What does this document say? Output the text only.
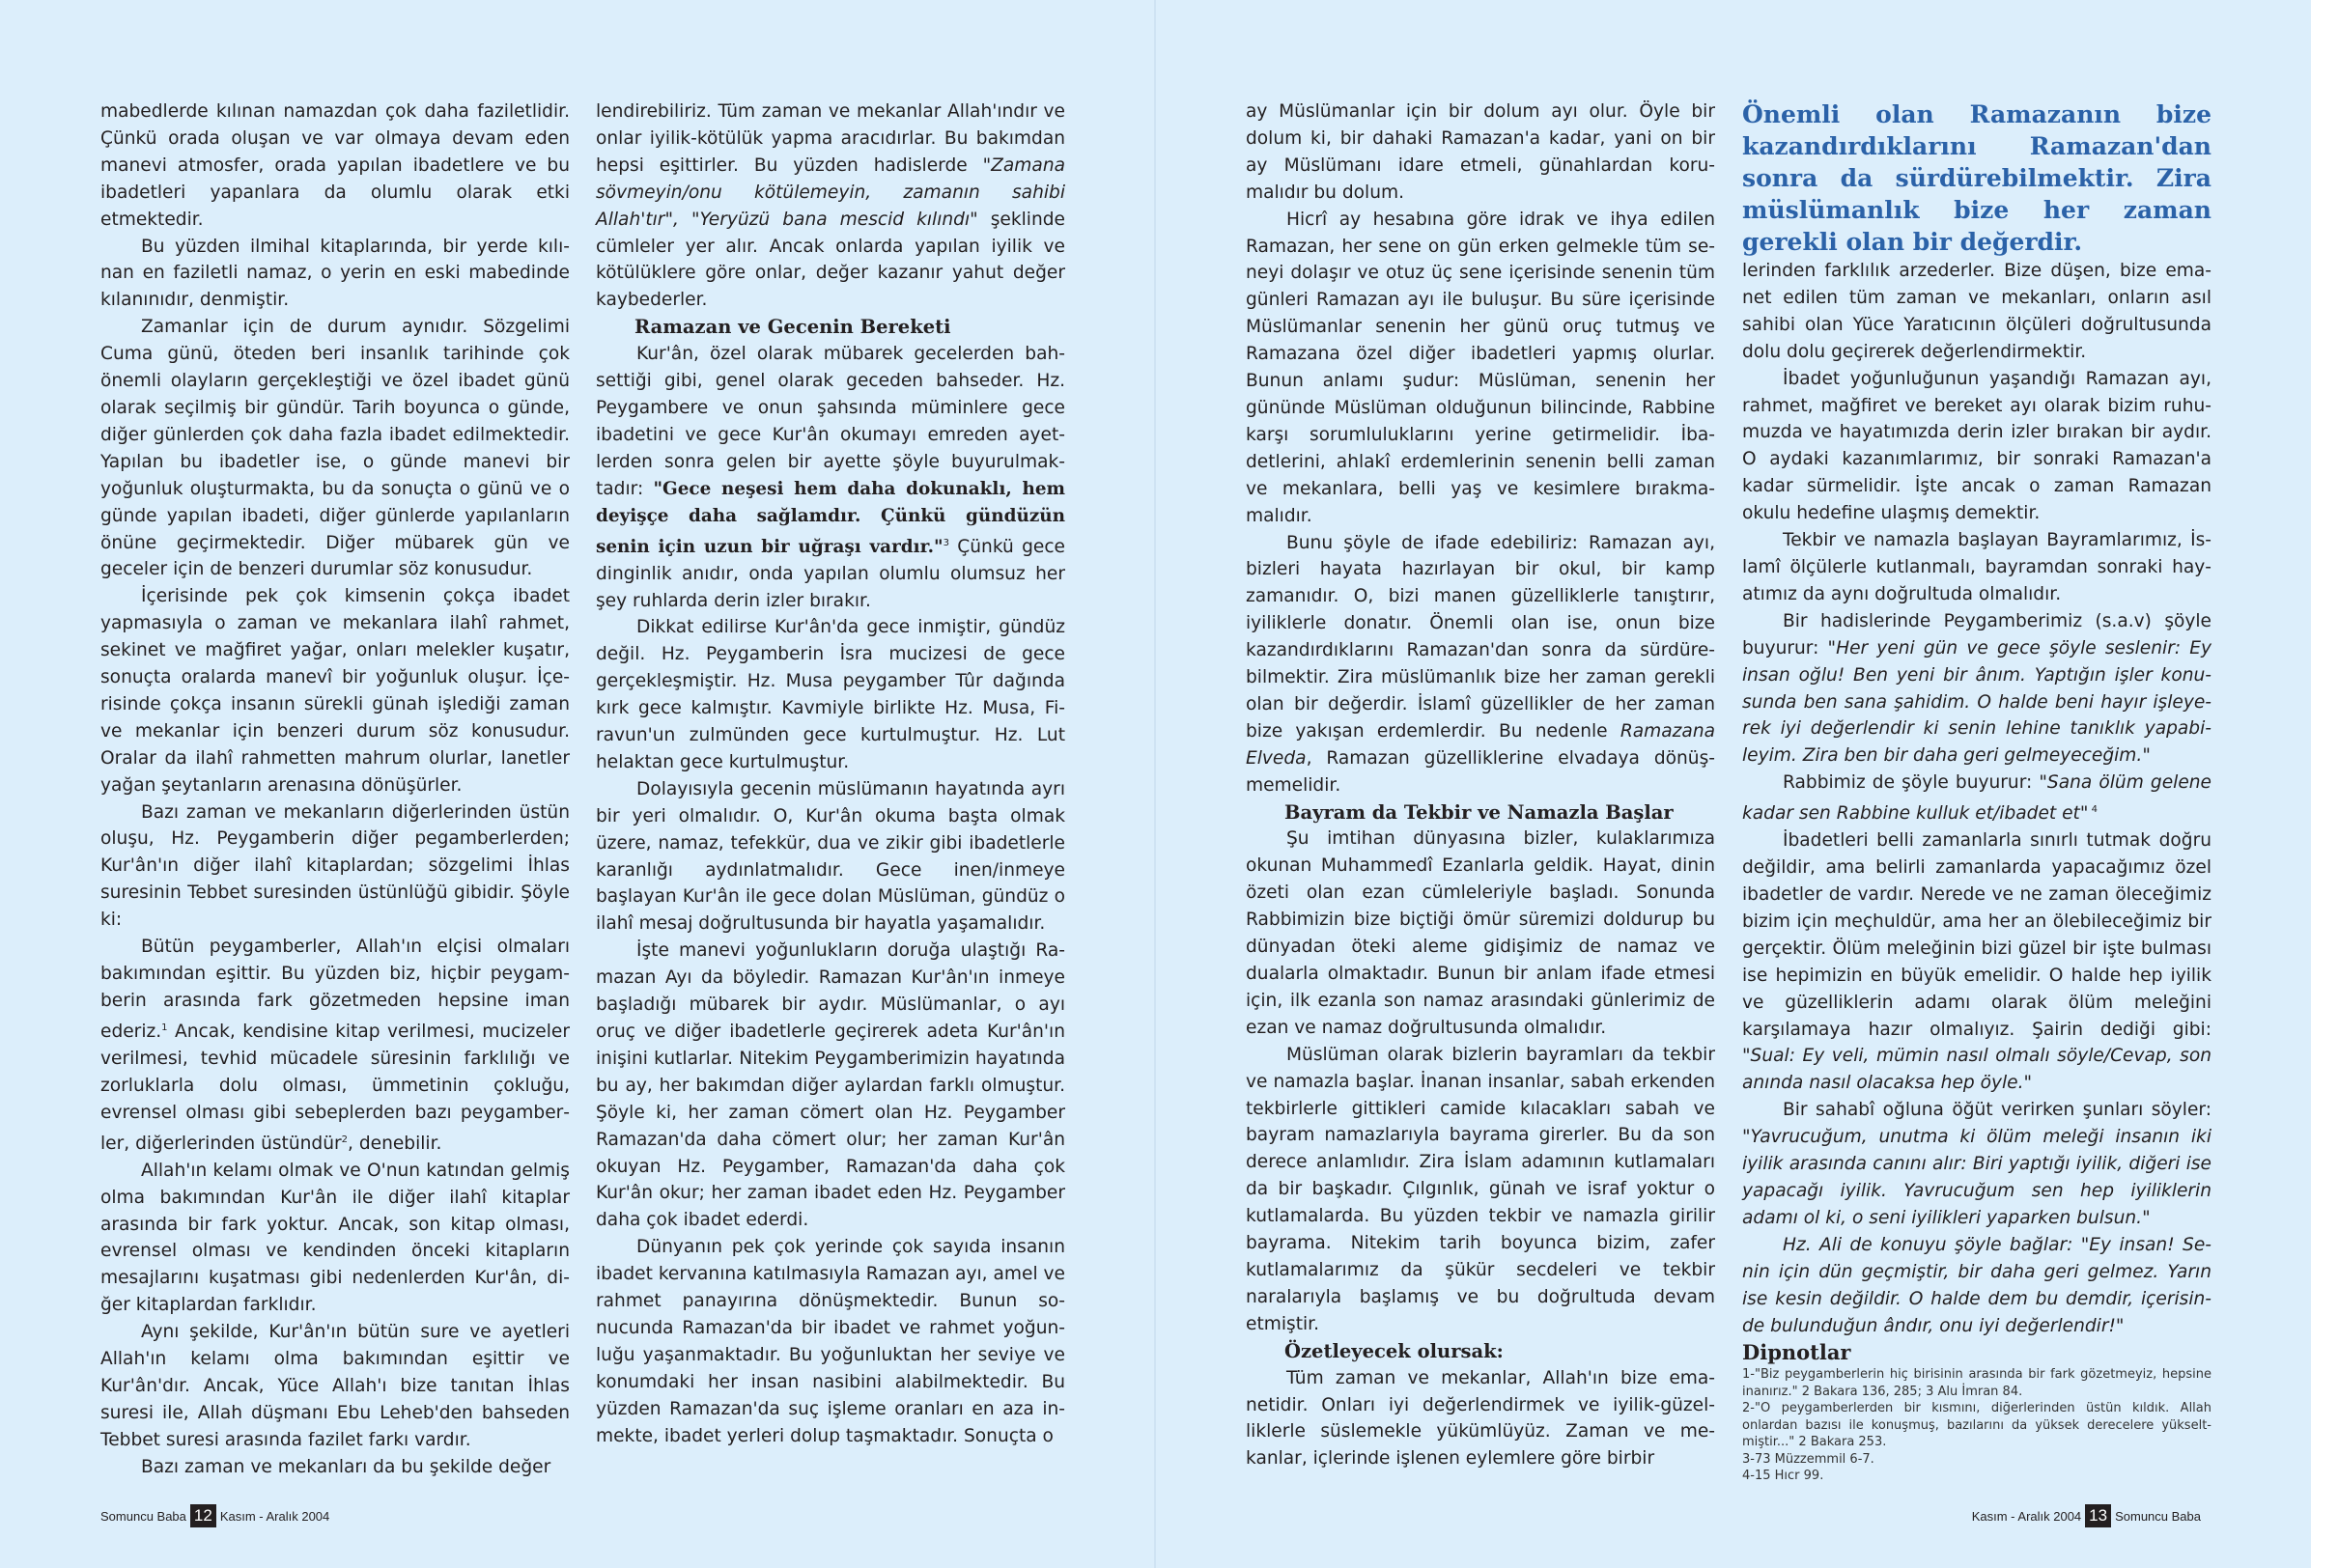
mabedlerde kılınan namazdan çok daha faziletlidir. Çünkü orada oluşan ve var olmaya devam eden manevi atmosfer, orada yapılan ibadetlere ve bu ibadetleri yapanlara da olumlu olarak etki etmektedir.

Bu yüzden ilmihal kitaplarında, bir yerde kılınan en faziletli namaz, o yerin en eski mabedinde kılanınıdır, denmiştir.

Zamanlar için de durum aynıdır. Sözgelimi Cuma günü, öteden beri insanlık tarihinde çok önemli olayların gerçekleştiği ve özel ibadet günü olarak seçilmiş bir gündür. Tarih boyunca o günde, diğer günlerden çok daha fazla ibadet edilmektedir. Yapılan bu ibadetler ise, o günde manevi bir yoğunluk oluşturmakta, bu da sonuçta o günü ve o günde yapılan ibadeti, diğer günlerde yapılanların önüne geçirmektedir. Diğer mübarek gün ve geceler için de benzeri durumlar söz konusudur.

İçerisinde pek çok kimsenin çokça ibadet yapmasıyla o zaman ve mekanlara ilahî rahmet, sekinet ve mağfiret yağar, onları melekler kuşatır, sonuçta oralarda manevî bir yoğunluk oluşur. İçerisinde çokça insanın sürekli günah işlediği zaman ve mekanlar için benzeri durum söz konusudur. Oralar da ilahî rahmetten mahrum olurlar, lanetler yağan şeytanların arenasına dönüşürler.

Bazı zaman ve mekanların diğerlerinden üstün oluşu, Hz. Peygamberin diğer pegamberlerden; Kur'ân'ın diğer ilahî kitaplardan; sözgelimi İhlas suresinin Tebbet suresinden üstünlüğü gibidir. Şöyle ki:

Bütün peygamberler, Allah'ın elçisi olmaları bakımından eşittir. Bu yüzden biz, hiçbir peygamberin arasında fark gözetmeden hepsine iman ederiz.$^1$ Ancak, kendisine kitap verilmesi, mucizeler verilmesi, tevhid mücadele süresinin farklılığı ve zorluklarla dolu olması, ümmetinin çokluğu, evrensel olması gibi sebeplerden bazı peygamberler, diğerlerinden üstündür$^2$, denebilir.

Allah'ın kelamı olmak ve O'nun katından gelmiş olma bakımından Kur'ân ile diğer ilahî kitaplar arasında bir fark yoktur. Ancak, son kitap olması, evrensel olması ve kendinden önceki kitapların mesajlarını kuşatması gibi nedenlerden Kur'ân, diğer kitaplardan farklıdır.

Aynı şekilde, Kur'ân'ın bütün sure ve ayetleri Allah'ın kelamı olma bakımından eşittir ve Kur'ân'dır. Ancak, Yüce Allah'ı bize tanıtan İhlas suresi ile, Allah düşmanı Ebu Leheb'den bahseden Tebbet suresi arasında fazilet farkı vardır.

Bazı zaman ve mekanları da bu şekilde değer

lendirebiliriz. Tüm zaman ve mekanlar Allah'ındır ve onlar iyilik-kötülük yapma aracıdırlar. Bu bakımdan hepsi eşittirler. Bu yüzden hadislerde "Zamana sövmeyin/onu kötülemeyin, zamanın sahibi Allah'tır", "Yeryüzü bana mescid kılındı" şeklinde cümleler yer alır. Ancak onlarda yapılan iyilik ve kötülüklere göre onlar, değer kazanır yahut değer kaybederler.

Ramazan ve Gecenin Bereketi

Kur'ân, özel olarak mübarek gecelerden bahsettiği gibi, genel olarak geceden bahseder. Hz. Peygambere ve onun şahsında müminlere gece ibadetini ve gece Kur'ân okumayı emreden ayetlerden sonra gelen bir ayette şöyle buyurulmaktadır: "Gece neşesi hem daha dokunaklı, hem deyişçe daha sağlamdır. Çünkü gündüzün senin için uzun bir uğraşı vardır."$^3$ Çünkü gece dinginlik anıdır, onda yapılan olumlu olumsuz her şey ruhlarda derin izler bırakır.

Dikkat edilirse Kur'ân'da gece inmiştir, gündüz değil. Hz. Peygamberin İsra mucizesi de gece gerçekleşmiştir. Hz. Musa peygamber Tûr dağında kırk gece kalmıştır. Kavmiyle birlikte Hz. Musa, Firavun'un zulmünden gece kurtulmuştur. Hz. Lut helaktan gece kurtulmuştur.

Dolayısıyla gecenin müslümanın hayatında ayrı bir yeri olmalıdır. O, Kur'ân okuma başta olmak üzere, namaz, tefekkür, dua ve zikir gibi ibadetlerle karanlığı aydınlatmalıdır. Gece inen/inmeye başlayan Kur'ân ile gece dolan Müslüman, gündüz o ilahî mesaj doğrultusunda bir hayatla yaşamalıdır.

İşte manevi yoğunlukların doruğa ulaştığı Ramazan Ayı da böyledir. Ramazan Kur'ân'ın inmeye başladığı mübarek bir aydır. Müslümanlar, o ayı oruç ve diğer ibadetlerle geçirerek adeta Kur'ân'ın inişini kutlarlar. Nitekim Peygamberimizin hayatında bu ay, her bakımdan diğer aylardan farklı olmuştur. Şöyle ki, her zaman cömert olan Hz. Peygamber Ramazan'da daha cömert olur; her zaman Kur'ân okuyan Hz. Peygamber, Ramazan'da daha çok Kur'ân okur; her zaman ibadet eden Hz. Peygamber daha çok ibadet ederdi.

Dünyanın pek çok yerinde çok sayıda insanın ibadet kervanına katılmasıyla Ramazan ayı, amel ve rahmet panayırına dönüşmektedir. Bunun sonucunda Ramazan'da bir ibadet ve rahmet yoğunluğu yaşanmaktadır. Bu yoğunluktan her seviye ve konumdaki her insan nasibini alabilmektedir. Bu yüzden Ramazan'da suç işleme oranları en aza inmekte, ibadet yerleri dolup taşmaktadır. Sonuçta o

ay Müslümanlar için bir dolum ayı olur. Öyle bir dolum ki, bir dahaki Ramazan'a kadar, yani on bir ay Müslümanı idare etmeli, günahlardan korumalıdır bu dolum.

Hicrî ay hesabına göre idrak ve ihya edilen Ramazan, her sene on gün erken gelmekle tüm seneyi dolaşır ve otuz üç sene içerisinde senenin tüm günleri Ramazan ayı ile buluşur. Bu süre içerisinde Müslümanlar senenin her günü oruç tutmuş ve Ramazana özel diğer ibadetleri yapmış olurlar. Bunun anlamı şudur: Müslüman, senenin her gününde Müslüman olduğunun bilincinde, Rabbine karşı sorumluluklarını yerine getirmelidir. İbadetlerini, ahlakî erdemlerinin senenin belli zaman ve mekanlara, belli yaş ve kesimlere bırakmamalıdır.

Bunu şöyle de ifade edebiliriz: Ramazan ayı, bizleri hayata hazırlayan bir okul, bir kamp zamanıdır. O, bizi manen güzelliklerle tanıştırır, iyiliklerle donatır. Önemli olan ise, onun bize kazandırdıklarını Ramazan'dan sonra da sürdürebilmektir. Zira müslümanlık bize her zaman gerekli olan bir değerdir. İslamî güzellikler de her zaman bize yakışan erdemlerdir. Bu nedenle Ramazana Elveda, Ramazan güzelliklerine elvadaya dönüşmemelidir.

Bayram da Tekbir ve Namazla Başlar

Şu imtihan dünyasına bizler, kulaklarımıza okunan Muhammedî Ezanlarla geldik. Hayat, dinin özeti olan ezan cümleleriyle başladı. Sonunda Rabbimizin bize biçtiği ömür süremizi doldurup bu dünyadan öteki aleme gidişimiz de namaz ve dualarla olmaktadır. Bunun bir anlam ifade etmesi için, ilk ezanla son namaz arasındaki günlerimiz de ezan ve namaz doğrultusunda olmalıdır.

Müslüman olarak bizlerin bayramları da tekbir ve namazla başlar. İnanan insanlar, sabah erkenden tekbirlerle gittikleri camide kılacakları sabah ve bayram namazlarıyla bayrama girerler. Bu da son derece anlamlıdır. Zira İslam adamının kutlamaları da bir başkadır. Çılgınlık, günah ve israf yoktur o kutlamalarda. Bu yüzden tekbir ve namazla girilir bayrama. Nitekim tarih boyunca bizim, zafer kutlamalarımız da şükür secdeleri ve tekbir naralarıyla başlamış ve bu doğrultuda devam etmiştir.

Özetleyecek olursak:

Tüm zaman ve mekanlar, Allah'ın bize emanetidir. Onları iyi değerlendirmek ve iyilik-güzelliklerle süslemekle yükümlüyüz. Zaman ve mekanlar, içlerinde işlenen eylemlere göre birbir

Önemli olan Ramazanın bize kazandırdıklarını Ramazan'dan sonra da sürdürebilmektir. Zira müslümanlık bize her zaman gerekli olan bir değerdir.

lerinden farklılık arzederler. Bize düşen, bize emanet edilen tüm zaman ve mekanları, onların asıl sahibi olan Yüce Yaratıcının ölçüleri doğrultusunda dolu dolu geçirerek değerlendirmektir.

İbadet yoğunluğunun yaşandığı Ramazan ayı, rahmet, mağfiret ve bereket ayı olarak bizim ruhumuzda ve hayatımızda derin izler bırakan bir aydır. O aydaki kazanımlarımız, bir sonraki Ramazan'a kadar sürmelidir. İşte ancak o zaman Ramazan okulu hedefine ulaşmış demektir.

Tekbir ve namazla başlayan Bayramlarımız, İslamî ölçülerle kutlanmalı, bayramdan sonraki hayatımız da aynı doğrultuda olmalıdır.

Bir hadislerinde Peygamberimiz (s.a.v) şöyle buyurur: "Her yeni gün ve gece şöyle seslenir: Ey insan oğlu! Ben yeni bir ânım. Yaptığın işler konusunda ben sana şahidim. O halde beni hayır işleyerek iyi değerlendir ki senin lehine tanıklık yapabileyim. Zira ben bir daha geri gelmeyeceğim."

Rabbimiz de şöyle buyurur: "Sana ölüm gelene kadar sen Rabbine kulluk et/ibadet et" $^4$

İbadetleri belli zamanlarla sınırlı tutmak doğru değildir, ama belirli zamanlarda yapacağımız özel ibadetler de vardır. Nerede ve ne zaman öleceğimiz bizim için meçhuldür, ama her an ölebileceğimiz bir gerçektir. Ölüm meleğinin bizi güzel bir işte bulması ise hepimizin en büyük emelidir. O halde hep iyilik ve güzelliklerin adamı olarak ölüm meleğini karşılamaya hazır olmalıyız. Şairin dediği gibi: "Sual: Ey veli, mümin nasıl olmalı söyle/Cevap, son anında nasıl olacaksa hep öyle."

Bir sahabî oğluna öğüt verirken şunları söyler: "Yavrucuğum, unutma ki ölüm meleği insanın iki iyilik arasında canını alır: Biri yaptığı iyilik, diğeri ise yapacağı iyilik. Yavrucuğum sen hep iyiliklerin adamı ol ki, o seni iyilikleri yaparken bulsun."

Hz. Ali de konuyu şöyle bağlar: "Ey insan! Senin için dün geçmiştir, bir daha geri gelmez. Yarın ise kesin değildir. O halde dem bu demdir, içerisinde bulunduğun ândır, onu iyi değerlendir!"

Dipnotlar

1-"Biz peygamberlerin hiç birisinin arasında bir fark gözetmeyiz, hepsine inanırız." 2 Bakara 136, 285; 3 Alu İmran 84.

2-"O peygamberlerden bir kısmını, diğerlerinden üstün kıldık. Allah onlardan bazısı ile konuşmuş, bazılarını da yüksek derecelere yükseltmiştir..." 2 Bakara 253.

3-73 Müzzemmil 6-7.

4-15 Hıcr 99.

Somuncu Baba 12 Kasım - Aralık 2004	Kasım - Aralık 2004 13 Somuncu Baba
